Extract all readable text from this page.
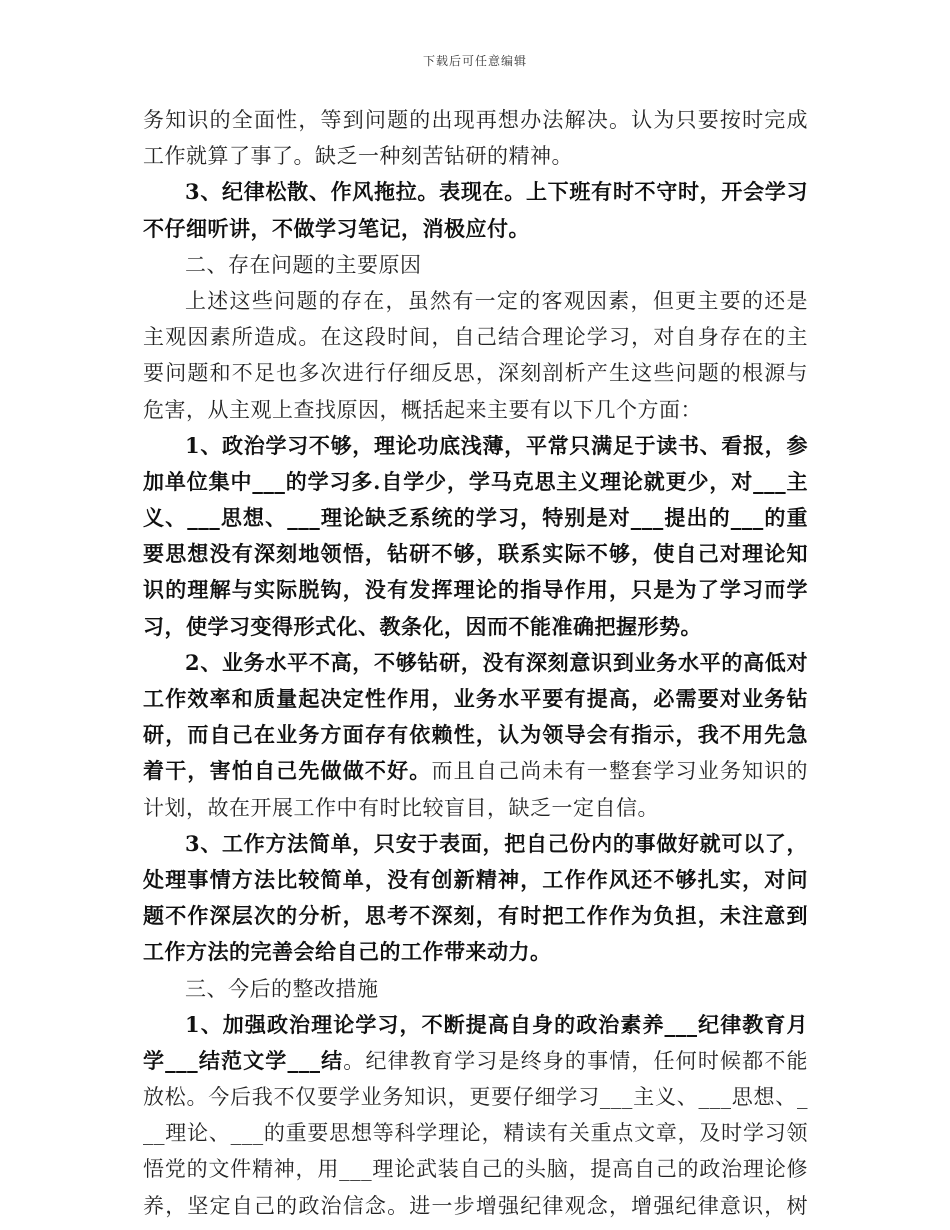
下载后可任意编辑
务知识的全面性，等到问题的出现再想办法解决。认为只要按时完成
工作就算了事了。缺乏一种刻苦钻研的精神。
3、纪律松散、作风拖拉。表现在。上下班有时不守时，开会学习
不仔细听讲，不做学习笔记，消极应付。
二、存在问题的主要原因
上述这些问题的存在，虽然有一定的客观因素，但更主要的还是
主观因素所造成。在这段时间，自己结合理论学习，对自身存在的主
要问题和不足也多次进行仔细反思，深刻剖析产生这些问题的根源与
危害，从主观上查找原因，概括起来主要有以下几个方面：
1、政治学习不够，理论功底浅薄，平常只满足于读书、看报，参
加单位集中___的学习多.自学少，学马克思主义理论就更少，对___主
义、___思想、___理论缺乏系统的学习，特别是对___提出的___的重
要思想没有深刻地领悟，钻研不够，联系实际不够，使自己对理论知
识的理解与实际脱钩，没有发挥理论的指导作用，只是为了学习而学
习，使学习变得形式化、教条化，因而不能准确把握形势。
2、业务水平不高，不够钻研，没有深刻意识到业务水平的高低对
工作效率和质量起决定性作用，业务水平要有提高，必需要对业务钻
研，而自己在业务方面存有依赖性，认为领导会有指示，我不用先急
着干，害怕自己先做做不好。而且自己尚未有一整套学习业务知识的
计划，故在开展工作中有时比较盲目，缺乏一定自信。
3、工作方法简单，只安于表面，把自己份内的事做好就可以了，
处理事情方法比较简单，没有创新精神，工作作风还不够扎实，对问
题不作深层次的分析，思考不深刻，有时把工作作为负担，未注意到
工作方法的完善会给自己的工作带来动力。
三、今后的整改措施
1、加强政治理论学习，不断提高自身的政治素养___纪律教育月
学___结范文学___结。纪律教育学习是终身的事情，任何时候都不能
放松。今后我不仅要学业务知识，更要仔细学习___主义、___思想、_
__理论、___的重要思想等科学理论，精读有关重点文章，及时学习领
悟党的文件精神，用___理论武装自己的头脑，提高自己的政治理论修
养，坚定自己的政治信念。进一步增强纪律观念，增强纪律意识，树
